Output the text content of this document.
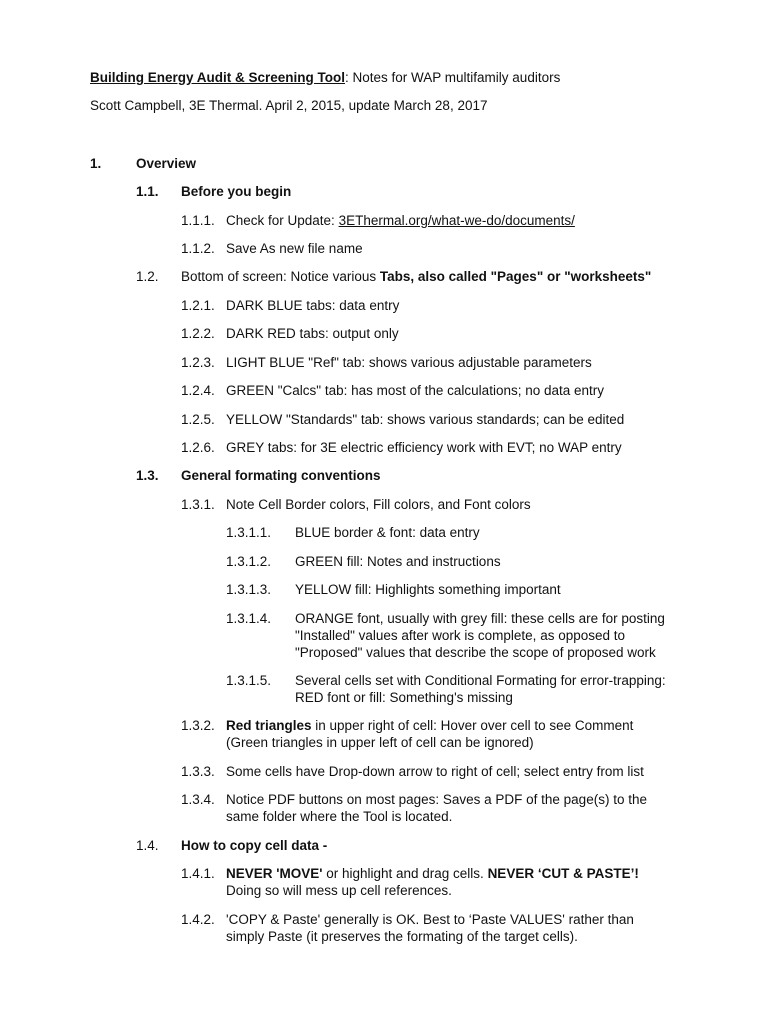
Building Energy Audit & Screening Tool: Notes for WAP multifamily auditors
Scott Campbell, 3E Thermal. April 2, 2015, update March 28, 2017
1.	Overview
1.1. Before you begin
1.1.1. Check for Update: 3EThermal.org/what-we-do/documents/
1.1.2. Save As new file name
1.2. Bottom of screen: Notice various Tabs, also called "Pages" or "worksheets"
1.2.1. DARK BLUE tabs: data entry
1.2.2. DARK RED tabs: output only
1.2.3. LIGHT BLUE "Ref" tab: shows various adjustable parameters
1.2.4. GREEN "Calcs" tab: has most of the calculations; no data entry
1.2.5. YELLOW "Standards" tab: shows various standards; can be edited
1.2.6. GREY tabs: for 3E electric efficiency work with EVT; no WAP entry
1.3. General formating conventions
1.3.1. Note Cell Border colors, Fill colors, and Font colors
1.3.1.1. BLUE border & font: data entry
1.3.1.2. GREEN fill: Notes and instructions
1.3.1.3. YELLOW fill: Highlights something important
1.3.1.4. ORANGE font, usually with grey fill: these cells are for posting
"Installed" values after work is complete, as opposed to
"Proposed" values that describe the scope of proposed work
1.3.1.5. Several cells set with Conditional Formating for error-trapping:
RED font or fill: Something's missing
1.3.2. Red triangles in upper right of cell: Hover over cell to see Comment
(Green triangles in upper left of cell can be ignored)
1.3.3. Some cells have Drop-down arrow to right of cell; select entry from list
1.3.4. Notice PDF buttons on most pages: Saves a PDF of the page(s) to the
same folder where the Tool is located.
1.4. How to copy cell data -
1.4.1. NEVER 'MOVE' or highlight and drag cells. NEVER ‘CUT & PASTE’!
Doing so will mess up cell references.
1.4.2. 'COPY & Paste' generally is OK. Best to ‘Paste VALUES' rather than
simply Paste (it preserves the formating of the target cells).
